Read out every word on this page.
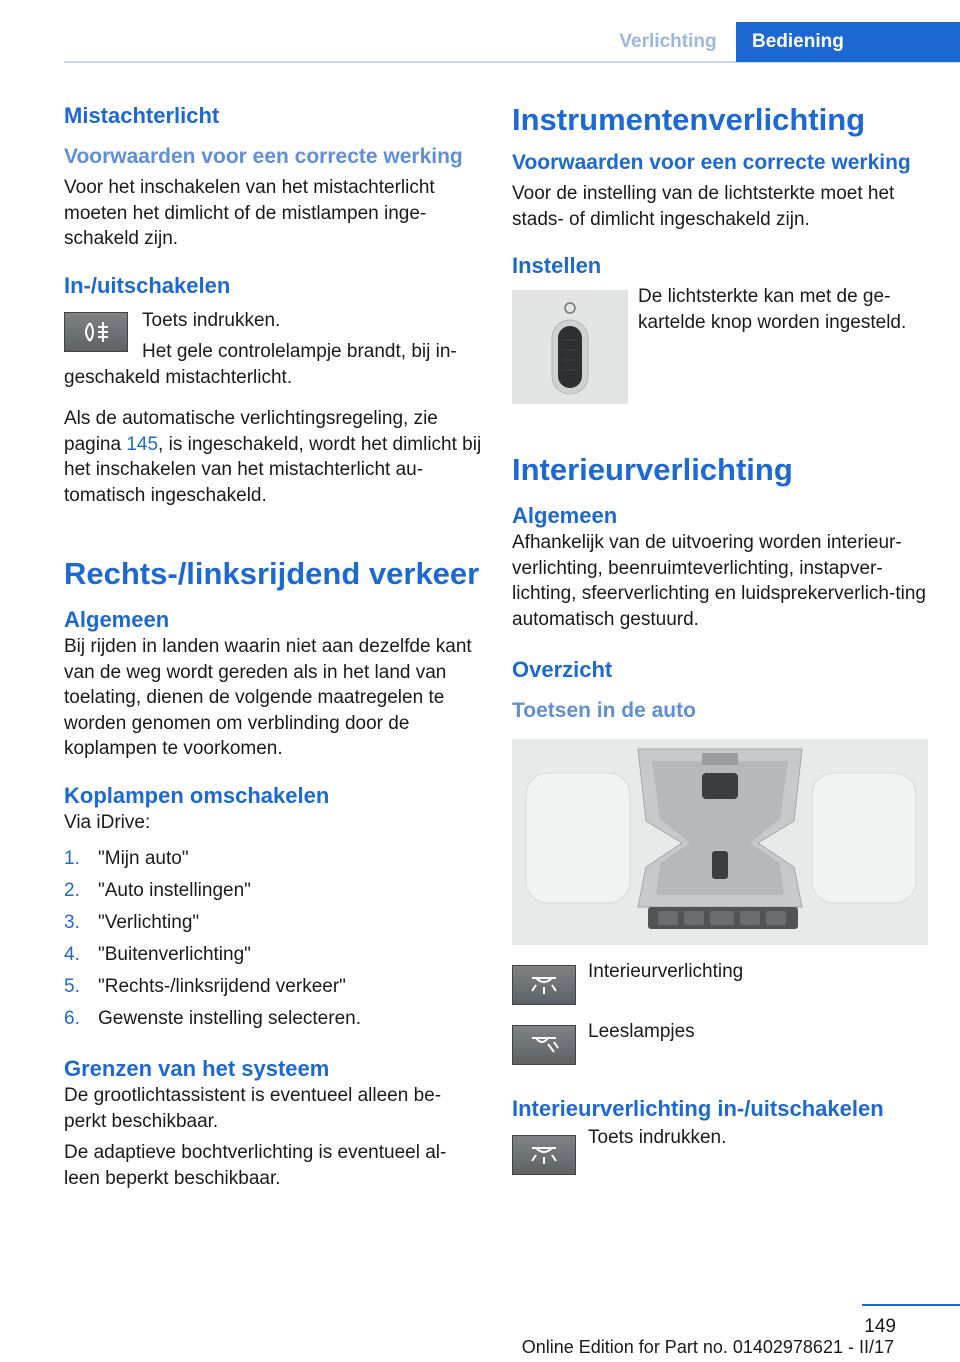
Verlichting	Bediening
Mistachterlicht
Voorwaarden voor een correcte werking

Voor het inschakelen van het mistachterlicht moeten het dimlicht of de mistlampen inge‐schakeld zijn.

In-/uitschakelen

Toets indrukken.

Het gele controlelampje brandt, bij in‐geschakeld mistachterlicht.

Als de automatische verlichtingsregeling, zie pagina 145, is ingeschakeld, wordt het dimlicht bij het inschakelen van het mistachterlicht au‐tomatisch ingeschakeld.

Rechts-/linksrijdend verkeer
Algemeen

Bij rijden in landen waarin niet aan dezelfde kant van de weg wordt gereden als in het land van toelating, dienen de volgende maatregelen te worden genomen om verblinding door de koplampen te voorkomen.

Koplampen omschakelen

Via iDrive:

1. "Mijn auto"
2. "Auto instellingen"
3. "Verlichting"
4. "Buitenverlichting"
5. "Rechts-/linksrijdend verkeer"
6. Gewenste instelling selecteren.
Grenzen van het systeem

De grootlichtassistent is eventueel alleen be‐perkt beschikbaar.

De adaptieve bochtverlichting is eventueel al‐leen beperkt beschikbaar.

Instrumentenverlichting
Voorwaarden voor een correcte werking

Voor de instelling van de lichtsterkte moet het stads- of dimlicht ingeschakeld zijn.

Instellen

De lichtsterkte kan met de ge‐kartelde knop worden ingesteld.

Interieurverlichting
Algemeen

Afhankelijk van de uitvoering worden interieur‐verlichting, beenruimteverlichting, instapver‐lichting, sfeerverlichting en luidsprekerverlich‐ting automatisch gestuurd.

Overzicht
Toetsen in de auto

Interieurverlichting

Leeslampjes

Interieurverlichting in-/uitschakelen

Toets indrukken.

149
Online Edition for Part no. 01402978621 - II/17
